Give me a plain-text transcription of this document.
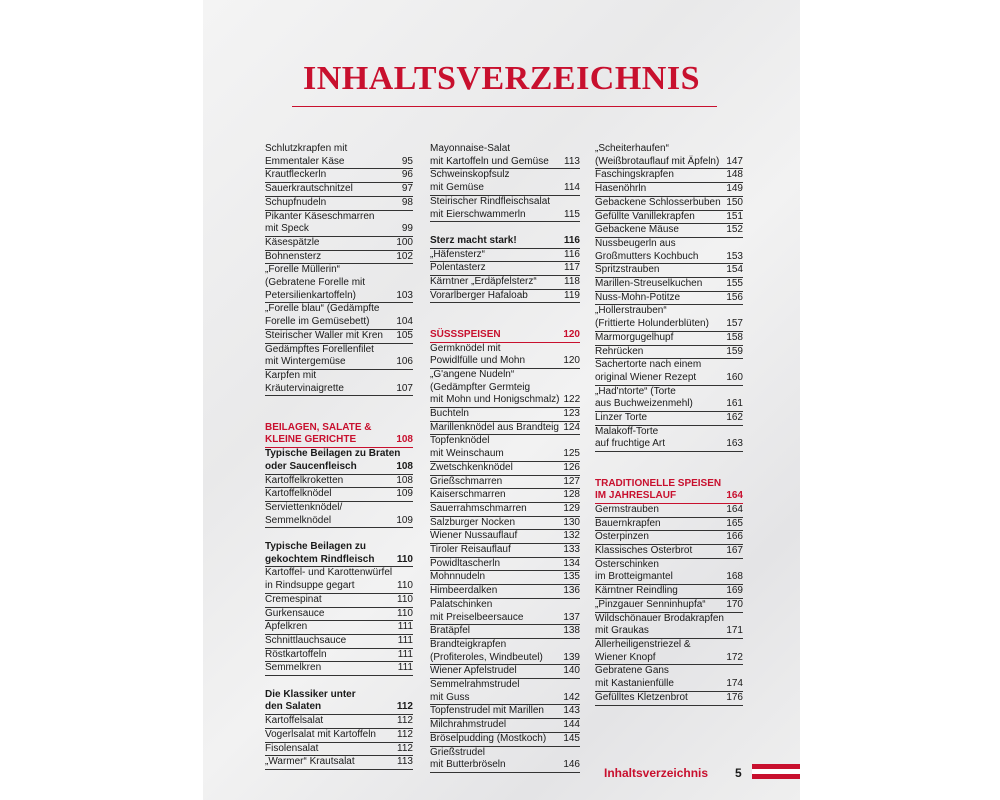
INHALTSVERZEICHNIS
Schlutzkrapfen mit
Emmentaler Käse	95
Krautfleckerln	96
Sauerkrautschnitzel	97
Schupfnudeln	98
Pikanter Käseschmarren
mit Speck	99
Käsespätzle	100
Bohnensterz	102
„Forelle Müllerin“
(Gebratene Forelle mit
Petersilienkartoffeln)	103
„Forelle blau“ (Gedämpfte
Forelle im Gemüsebett)	104
Steirischer Waller mit Kren	105
Gedämpftes Forellenfilet
mit Wintergemüse	106
Karpfen mit
Kräutervinaigrette	107
BEILAGEN, SALATE &
KLEINE GERICHTE	108
Typische Beilagen zu Braten
oder Saucenfleisch	108
Kartoffelkroketten	108
Kartoffelknödel	109
Serviettenknödel/
Semmelknödel	109
Typische Beilagen zu
gekochtem Rindfleisch	110
Kartoffel- und Karottenwürfel
in Rindsuppe gegart	110
Cremespinat	110
Gurkensauce	110
Apfelkren	111
Schnittlauchsauce	111
Röstkartoffeln	111
Semmelkren	111
Die Klassiker unter
den Salaten	112
Kartoffelsalat	112
Vogerlsalat mit Kartoffeln	112
Fisolensalat	112
„Warmer“ Krautsalat	113
Mayonnaise-Salat
mit Kartoffeln und Gemüse	113
Schweinskopfsulz
mit Gemüse	114
Steirischer Rindfleischsalat
mit Eierschwammerln	115
Sterz macht stark!	116
„Häfensterz“	116
Polentasterz	117
Kärntner „Erdäpfelsterz“	118
Vorarlberger Hafaloab	119
SÜSSSPEISEN	120
Germknödel mit
Powidlfülle und Mohn	120
„G'angene Nudeln“
(Gedämpfter Germteig
mit Mohn und Honigschmalz) 122
Buchteln	123
Marillenknödel aus Brandteig 124
Topfenknödel
mit Weinschaum	125
Zwetschkenknödel	126
Grießschmarren	127
Kaiserschmarren	128
Sauerrahmschmarren	129
Salzburger Nocken	130
Wiener Nussauflauf	132
Tiroler Reisauflauf	133
Powidltascherln	134
Mohnnudeln	135
Himbeerdalken	136
Palatschinken
mit Preiselbeersauce	137
Bratäpfel	138
Brandteigkrapfen
(Profiteroles, Windbeutel)	139
Wiener Apfelstrudel	140
Semmelrahmstrudel
mit Guss	142
Topfenstrudel mit Marillen	143
Milchrahmstrudel	144
Bröselpudding (Mostkoch)	145
Grießstrudel
mit Butterbröseln	146
„Scheiterhaufen“
(Weißbrotauflauf mit Äpfeln) 147
Faschingskrapfen	148
Hasenöhrln	149
Gebackene Schlosserbuben 150
Gefüllte Vanillekrapfen	151
Gebackene Mäuse	152
Nussbeugerln aus
Großmutters Kochbuch	153
Spritzstrauben	154
Marillen-Streuselkuchen	155
Nuss-Mohn-Potitze	156
„Hollerstrauben“
(Frittierte Holunderblüten)	157
Marmorgugelhupf	158
Rehrücken	159
Sachertorte nach einem
original Wiener Rezept	160
„Had'ntorte“ (Torte
aus Buchweizenmehl)	161
Linzer Torte	162
Malakoff-Torte
auf fruchtige Art	163
TRADITIONELLE SPEISEN
IM JAHRESLAUF	164
Germstrauben	164
Bauernkrapfen	165
Osterpinzen	166
Klassisches Osterbrot	167
Osterschinken
im Brotteigmantel	168
Kärntner Reindling	169
„Pinzgauer Senninhupfa“	170
Wildschönauer Brodakrapfen
mit Graukas	171
Allerheiligenstriezel &
Wiener Knopf	172
Gebratene Gans
mit Kastanienfülle	174
Gefülltes Kletzenbrot	176
Inhaltsverzeichnis 5
